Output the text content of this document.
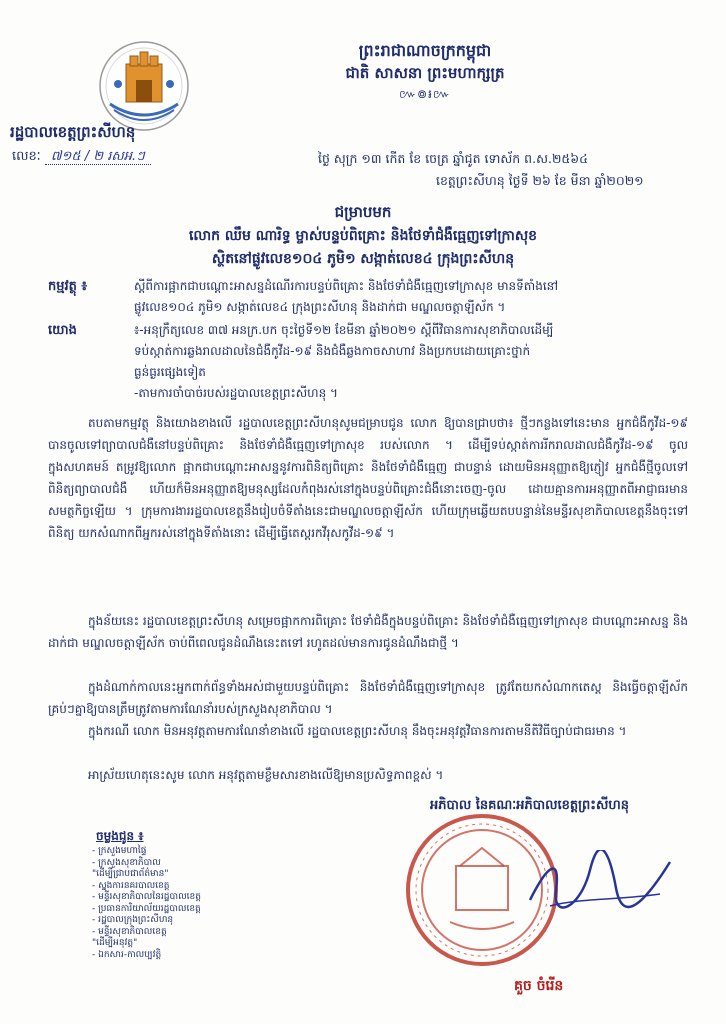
ព្រះរាជាណាចក្រកម្ពុជា
ជាតិ សាសនា ព្រះមហាក្សត្រ
៚៙៛៚
រដ្ឋបាលខេត្តព្រះសីហនុ
លេខៈ ៧១៥ / ២ រសអ.ៗ	ថ្ងៃ សុក្រ ១៣ កើត ខែ ចេត្រ ឆ្នាំជូត ទោស័ក ព.ស.២៥៦៤
ខេត្តព្រះសីហនុ ថ្ងៃទី ២៦ ខែ មីនា ឆ្នាំ២០២១
ជម្រាបមក
លោក ឈឹម ណារិទ្ធ ម្ចាស់បន្ទប់ពិគ្រោះ និងថែទាំជំងឺធ្មេញទៅក្រាសុខ
ស្ថិតនៅផ្លូវលេខ១០៤ ភូមិ១ សង្កាត់លេខ៤ ក្រុងព្រះសីហនុ
កម្មវត្ថុ ៖	ស្តីពីការផ្អាកជាបណ្តោះអាសន្នដំណើរការបន្ទប់ពិគ្រោះ និងថែទាំជំងឺធ្មេញទៅក្រាសុខ មានទីតាំងនៅ
ផ្លូវលេខ១០៤ ភូមិ១ សង្កាត់លេខ៤ ក្រុងព្រះសីហនុ និងដាក់ជា មណ្ឌលចត្តាឡីស័ក ។
យោង	៖-អនុក្រឹត្យលេខ ៣៧ អនក្រ.បក ចុះថ្ងៃទី១២ ខែមីនា ឆ្នាំ២០២១ ស្តីពីវិធានការសុខាភិបាលដើម្បី
ទប់ស្កាត់ការឆ្លងរាលដាលនៃជំងឺកូវីដ-១៩ និងជំងឺឆ្លងកាចសាហាវ និងប្រកបដោយគ្រោះថ្នាក់
ធ្ងន់ធ្ងរផ្សេងទៀត
-តាមការចាំបាច់របស់រដ្ឋបាលខេត្តព្រះសីហនុ ។
តបតាមកម្មវត្ថុ និងយោងខាងលើ រដ្ឋបាលខេត្តព្រះសីហនុសូមជម្រាបជូន លោក ឱ្យបានជ្រាបថា៖ ថ្មីៗកន្លងទៅនេះមាន អ្នកជំងឺកូវីដ-១៩ បានចូលទៅព្យាបាលជំងឺនៅបន្ទប់ពិគ្រោះ និងថែទាំជំងឺធ្មេញទៅក្រាសុខ របស់លោក ។ ដើម្បីទប់ស្កាត់ការរីករាលដាលជំងឺកូវីដ-១៩ ចូលក្នុងសហគមន៍ តម្រូវឱ្យលោក ផ្អាកជាបណ្តោះអាសន្ននូវការពិនិត្យពិគ្រោះ និងថែទាំជំងឺធ្មេញ ជាបន្ទាន់ ដោយមិនអនុញ្ញាតឱ្យភ្ញៀវ អ្នកជំងឺថ្មីចូលទៅពិនិត្យព្យាបាលជំងឺ ហើយក៏មិនអនុញ្ញាតឱ្យមនុស្សដែលកំពុងរស់នៅក្នុងបន្ទប់ពិគ្រោះជំងឺនោះចេញ-ចូល ដោយគ្មានការអនុញ្ញាតពីអាជ្ញាធរមានសមត្ថកិច្ចឡើយ ។ ក្រុមការងាររដ្ឋបាលខេត្តនឹងរៀបចំទីតាំងនេះជាមណ្ឌលចត្តាឡីស័ក ហើយក្រុមឆ្លើយតបបន្ទាន់នៃមន្ទីរសុខាភិបាលខេត្តនឹងចុះទៅពិនិត្យ យកសំណាកពីអ្នករស់នៅក្នុងទីតាំងនោះ ដើម្បីធ្វើតេស្តរកវីរុសកូវីដ-១៩ ។
ក្នុងន័យនេះ រដ្ឋបាលខេត្តព្រះសីហនុ សម្រេចផ្អាកការពិគ្រោះ ថែទាំជំងឺក្នុងបន្ទប់ពិគ្រោះ និងថែទាំជំងឺធ្មេញទៅក្រាសុខ ជាបណ្តោះអាសន្ន និងដាក់ជា មណ្ឌលចត្តាឡីស័ក ចាប់ពីពេលជូនដំណឹងនេះតទៅ រហូតដល់មានការជូនដំណឹងជាថ្មី ។
ក្នុងដំណាក់កាលនេះអ្នកពាក់ព័ន្ធទាំងអស់ជាមួយបន្ទប់ពិគ្រោះ និងថែទាំជំងឺធ្មេញទៅក្រាសុខ ត្រូវតែយកសំណាកតេស្ត និងធ្វើចត្តាឡីស័កគ្រប់ៗគ្នាឱ្យបានត្រឹមត្រូវតាមការណែនាំរបស់ក្រសួងសុខាភិបាល ។
ក្នុងករណី លោក មិនអនុវត្តតាមការណែនាំខាងលើ រដ្ឋបាលខេត្តព្រះសីហនុ នឹងចុះអនុវត្តវិធានការតាមនីតិវិធីច្បាប់ជាធរមាន ។
អាស្រ័យហេតុនេះសូម លោក អនុវត្តតាមខ្លឹមសារខាងលើឱ្យមានប្រសិទ្ធភាពខ្ពស់ ។
អភិបាល នៃគណៈអភិបាលខេត្តព្រះសីហនុ
គួច ចំរើន
ចម្លងជូន ៖
- ក្រសួងមហាផ្ទៃ
- ក្រសួងសុខាភិបាល
"ដើម្បីជ្រាបជាព័ត៌មាន"
- ស្នងការនគរបាលខេត្ត
- មន្ទីរសុខាភិបាលនៃរដ្ឋបាលខេត្ត
- ប្រធានការិយាល័យរដ្ឋបាលខេត្ត
- រដ្ឋបាលក្រុងព្រះសីហនុ
- មន្ទីរសុខាភិបាលខេត្ត
"ដើម្បីអនុវត្ត"
- ឯកសារ-កាលប្បវត្តិ
